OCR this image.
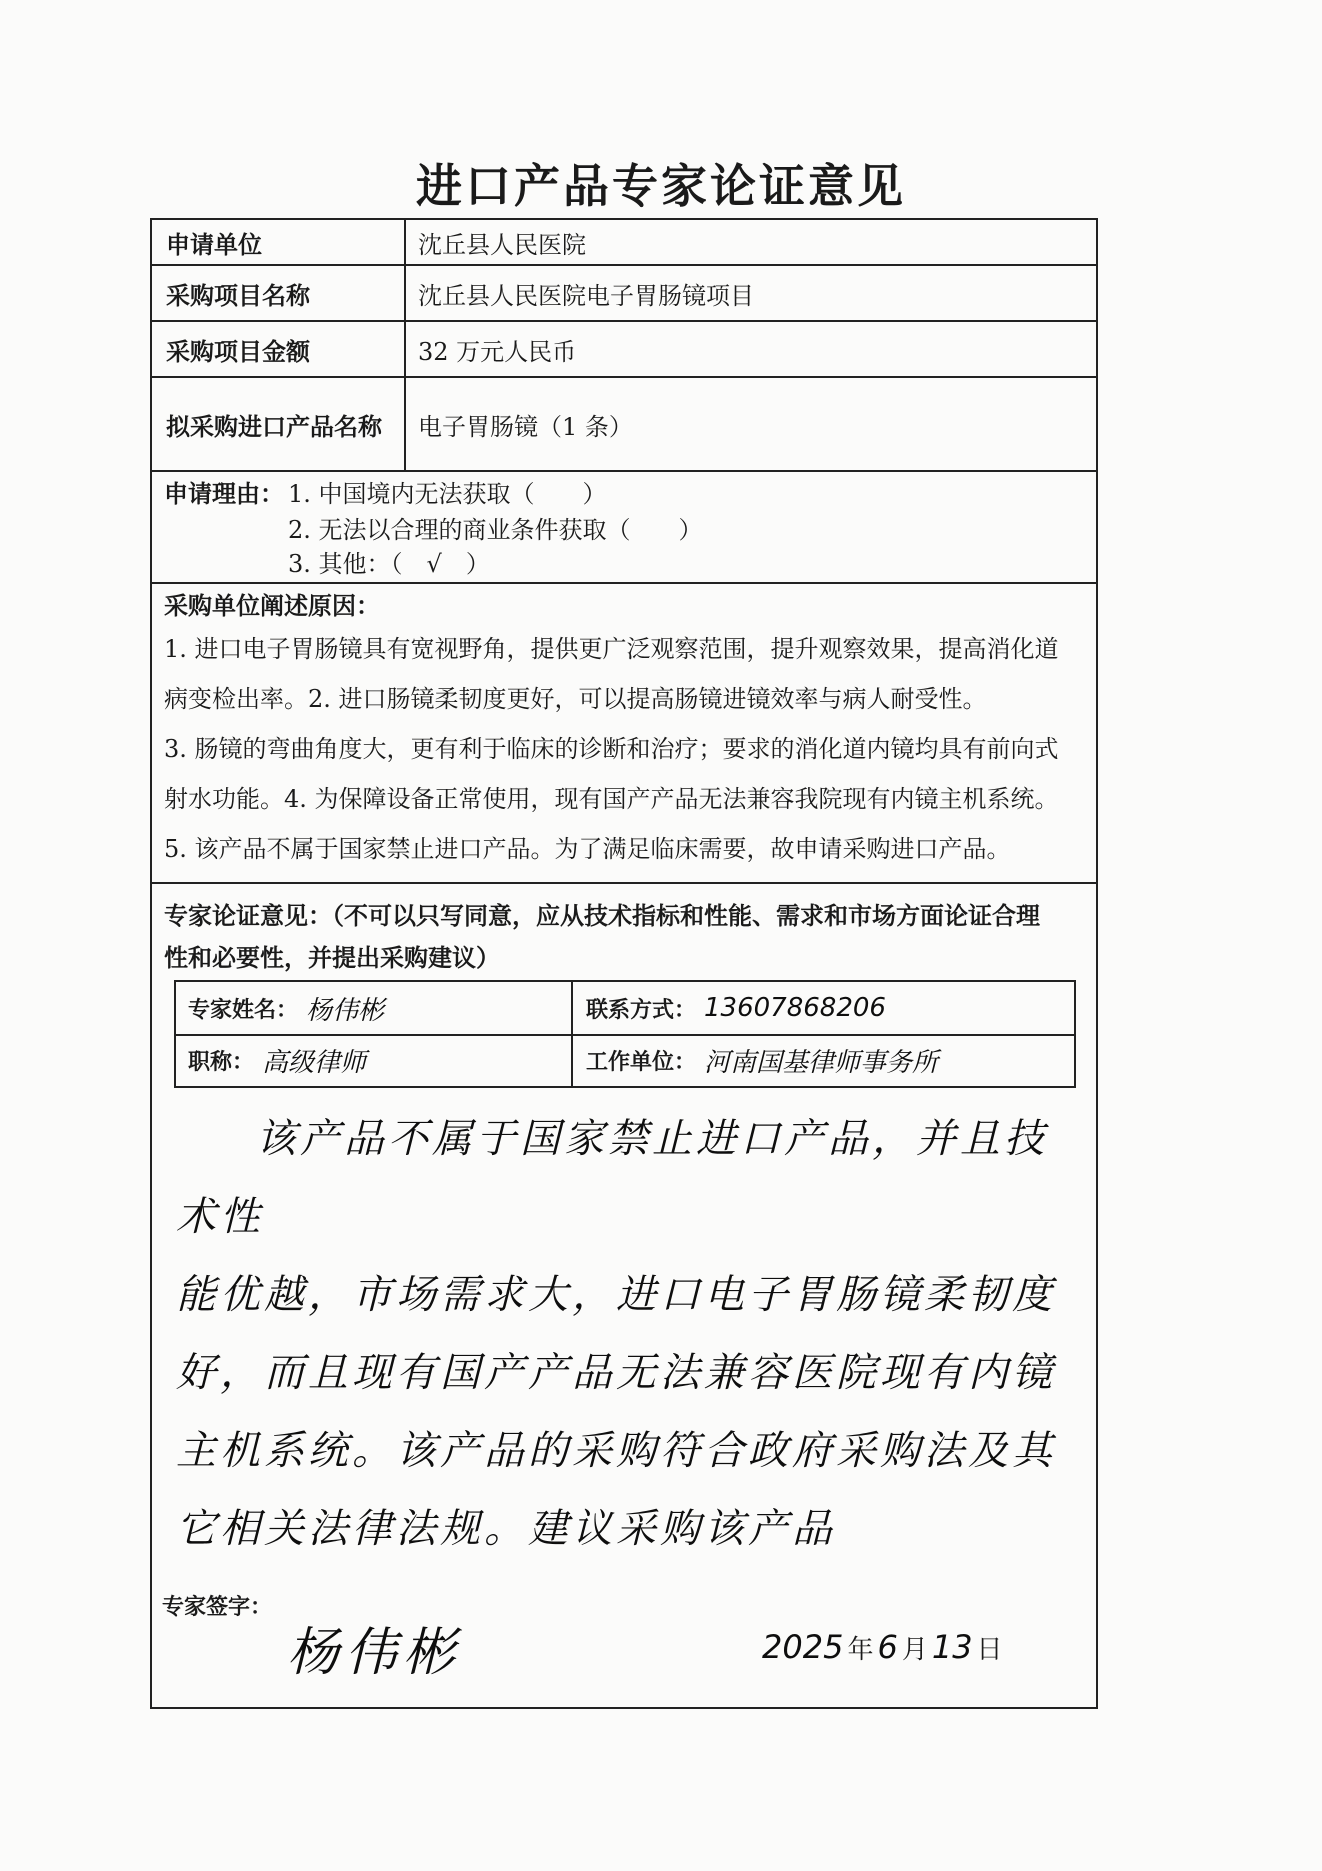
进口产品专家论证意见
申请单位	沈丘县人民医院
采购项目名称	沈丘县人民医院电子胃肠镜项目
采购项目金额	32 万元人民币
拟采购进口产品名称	电子胃肠镜（1 条）
申请理由： 1. 中国境内无法获取（　　）
2. 无法以合理的商业条件获取（　　）
3. 其他：（　√　）
采购单位阐述原因：
1. 进口电子胃肠镜具有宽视野角，提供更广泛观察范围，提升观察效果，提高消化道
病变检出率。2. 进口肠镜柔韧度更好，可以提高肠镜进镜效率与病人耐受性。
3. 肠镜的弯曲角度大，更有利于临床的诊断和治疗；要求的消化道内镜均具有前向式
射水功能。4. 为保障设备正常使用，现有国产产品无法兼容我院现有内镜主机系统。
5. 该产品不属于国家禁止进口产品。为了满足临床需要，故申请采购进口产品。
专家论证意见：（不可以只写同意，应从技术指标和性能、需求和市场方面论证合理
性和必要性，并提出采购建议）
专家姓名： 杨伟彬	联系方式： 13607868206
职称： 高级律师	工作单位： 河南国基律师事务所
该产品不属于国家禁止进口产品，并且技术性
能优越，市场需求大，进口电子胃肠镜柔韧度
好，而且现有国产产品无法兼容医院现有内镜
主机系统。该产品的采购符合政府采购法及其
它相关法律法规。建议采购该产品
专家签字：
杨伟彬	2025 年 6 月 13 日
